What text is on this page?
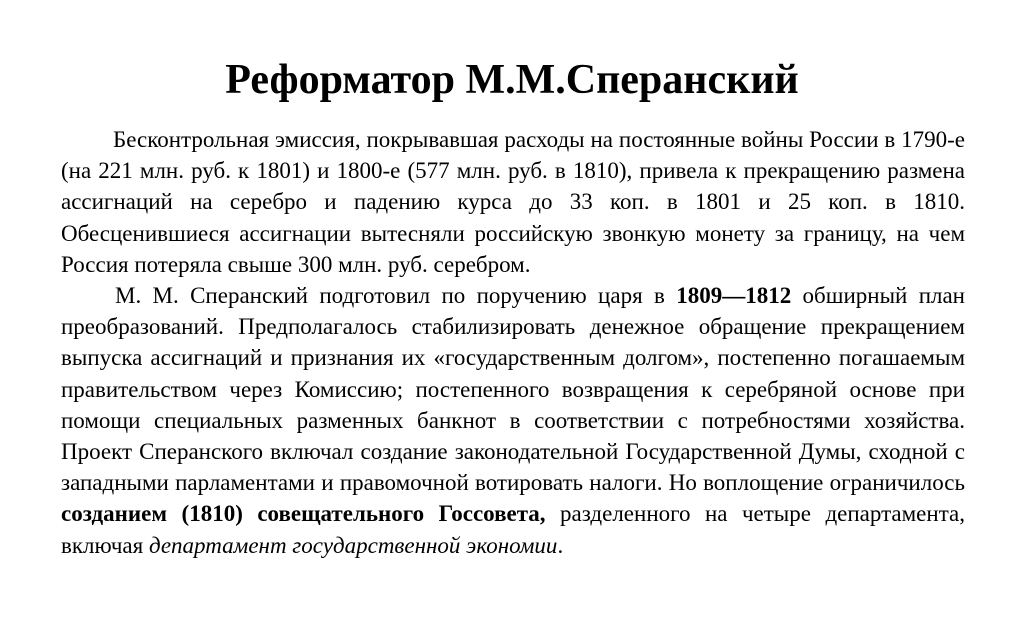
Реформатор М.М.Сперанский

Бесконтрольная эмиссия, покрывавшая расходы на постоянные войны России в 1790-е (на 221 млн. руб. к 1801) и 1800-е (577 млн. руб. в 1810), привела к прекращению размена ассигнаций на серебро и падению курса до 33 коп. в 1801 и 25 коп. в 1810. Обесценившиеся ассигнации вытесняли российскую звонкую монету за границу, на чем Россия потеряла свыше 300 млн. руб. серебром.

М. М. Сперанский подготовил по поручению царя в 1809—1812 обширный план преобразований. Предполагалось стабилизировать денежное обращение прекращением выпуска ассигнаций и признания их «государственным долгом», постепенно погашаемым правительством через Комиссию; постепенного возвращения к серебряной основе при помощи специальных разменных банкнот в соответствии с потребностями хозяйства. Проект Сперанского включал создание законодательной Государственной Думы, сходной с западными парламентами и правомочной вотировать налоги. Но воплощение ограничилось созданием (1810) совещательного Госсовета, разделенного на четыре департамента, включая департамент государственной экономии.
